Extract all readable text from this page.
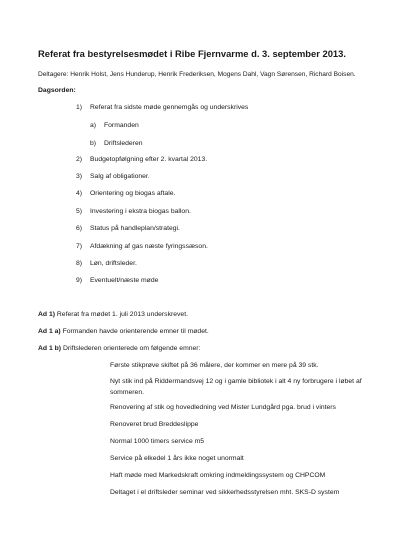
Referat fra bestyrelsesmødet i Ribe Fjernvarme d. 3. september 2013.
Deltagere: Henrik Holst, Jens Hunderup, Henrik Frederiksen, Mogens Dahl, Vagn Sørensen, Richard Boisen.
Dagsorden:
1) Referat fra sidste møde gennemgås og underskrives
a) Formanden
b) Driftslederen
2) Budgetopfølgning efter 2. kvartal 2013.
3) Salg af obligationer.
4) Orientering og biogas aftale.
5) Investering i ekstra biogas ballon.
6) Status på handleplan/strategi.
7) Afdækning af gas næste fyringssæson.
8) Løn, driftsleder.
9) Eventuelt/næste møde
Ad 1) Referat fra mødet 1. juli 2013 underskrevet.
Ad 1 a) Formanden havde orienterende emner til mødet.
Ad 1 b) Driftslederen orienterede om følgende emner:
Første stikprøve skiftet på 36 målere, der kommer en mere på 39 stk.
Nyt stik ind på Riddermandsvej 12 og i gamle bibliotek i alt 4 ny forbrugere i løbet af sommeren.
Renovering af stik og hovedledning ved Mister Lundgård pga. brud i vinters
Renoveret brud Breddeslippe
Normal 1000 timers service m5
Service på elkedel 1 års ikke noget unormalt
Haft møde med Markedskraft omkring indmeldingssystem og CHPCOM
Deltaget i el driftsleder seminar ved sikkerhedsstyrelsen mht. SKS-D system
